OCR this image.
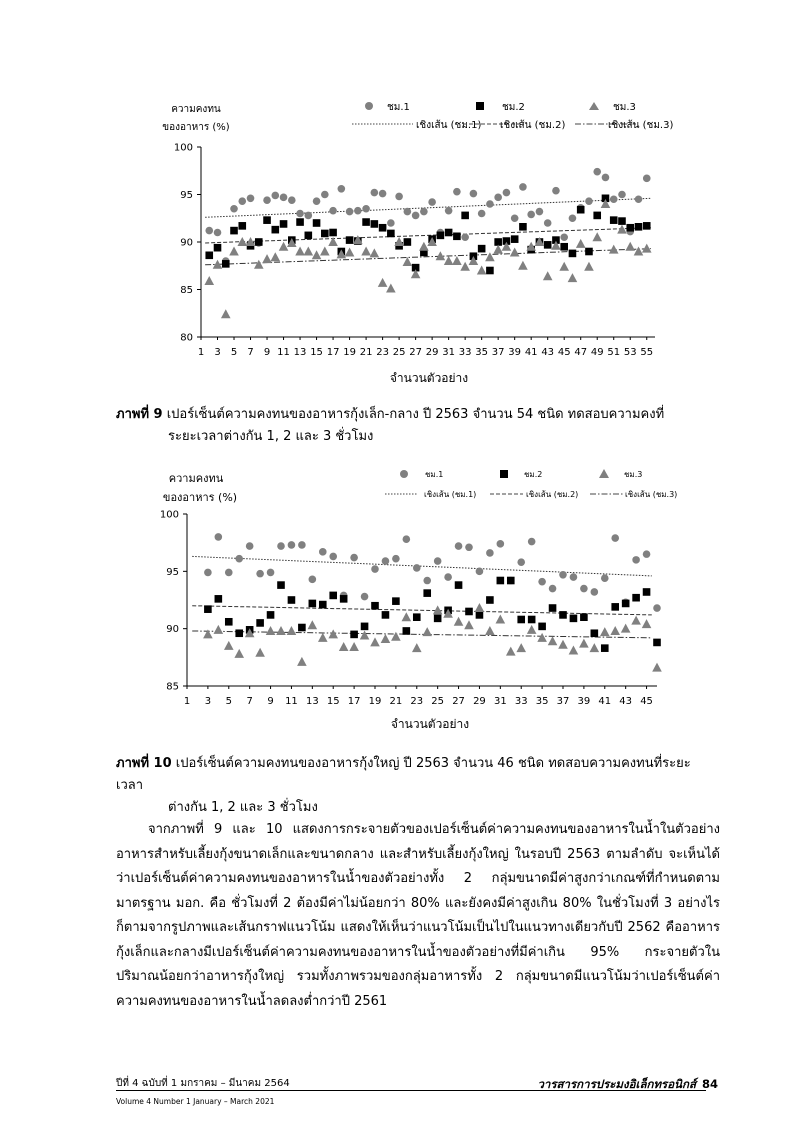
ความคงทน
ของอาหาร (%)
จำนวนตัวอย่าง
ชม.1	ชม.2	ชม.3
เชิงเส้น (ชม.1) เชิงเส้น (ชม.2)	เชิงเส้น (ชม.3)
80
85
90
95
100
1 3 5 7 9 11 13 15 17 19 21 23 25 27 29 31 33 35 37 39 41 43 45 47 49 51 53 55
ภาพที่ 9 เปอร์เซ็นต์ความคงทนของอาหารกุ้งเล็ก-กลาง ปี 2563 จำนวน 54 ชนิด ทดสอบความคงที่
ระยะเวลาต่างกัน 1, 2 และ 3 ชั่วโมง
ความคงทน
ของอาหาร (%)
จำนวนตัวอย่าง
ชม.1	ชม.2	ชม.3
เชิงเส้น (ชม.1)	เชิงเส้น (ชม.2)	เชิงเส้น (ชม.3)
85
90
95
100
1 3 5 7 9 11 13 15 17 19 21 23 25 27 29 31 33 35 37 39 41 43 45
ภาพที่ 10 เปอร์เซ็นต์ความคงทนของอาหารกุ้งใหญ่ ปี 2563 จำนวน 46 ชนิด ทดสอบความคงทนที่ระยะเวลา
ต่างกัน 1, 2 และ 3 ชั่วโมง
จากภาพที่ 9 และ 10 แสดงการกระจายตัวของเปอร์เซ็นต์ค่าความคงทนของอาหารในน้ำในตัวอย่างอาหารสำหรับเลี้ยงกุ้งขนาดเล็กและขนาดกลาง และสำหรับเลี้ยงกุ้งใหญ่ ในรอบปี 2563 ตามลำดับ จะเห็นได้ว่าเปอร์เซ็นต์ค่าความคงทนของอาหารในน้ำของตัวอย่างทั้ง 2 กลุ่มขนาดมีค่าสูงกว่าเกณฑ์ที่กำหนดตามมาตรฐาน มอก. คือ ชั่วโมงที่ 2 ต้องมีค่าไม่น้อยกว่า 80% และยังคงมีค่าสูงเกิน 80% ในชั่วโมงที่ 3 อย่างไรก็ตามจากรูปภาพและเส้นกราฟแนวโน้ม แสดงให้เห็นว่าแนวโน้มเป็นไปในแนวทางเดียวกับปี 2562 คืออาหารกุ้งเล็กและกลางมีเปอร์เซ็นต์ค่าความคงทนของอาหารในน้ำของตัวอย่างที่มีค่าเกิน 95% กระจายตัวในปริมาณน้อยกว่าอาหารกุ้งใหญ่ รวมทั้งภาพรวมของกลุ่มอาหารทั้ง 2 กลุ่มขนาดมีแนวโน้มว่าเปอร์เซ็นต์ค่าความคงทนของอาหารในน้ำลดลงต่ำกว่าปี 2561
ปีที่ 4 ฉบับที่ 1 มกราคม – มีนาคม 2564
Volume 4 Number 1 January – March 2021
วารสารการประมงอิเล็กทรอนิกส์ 84
